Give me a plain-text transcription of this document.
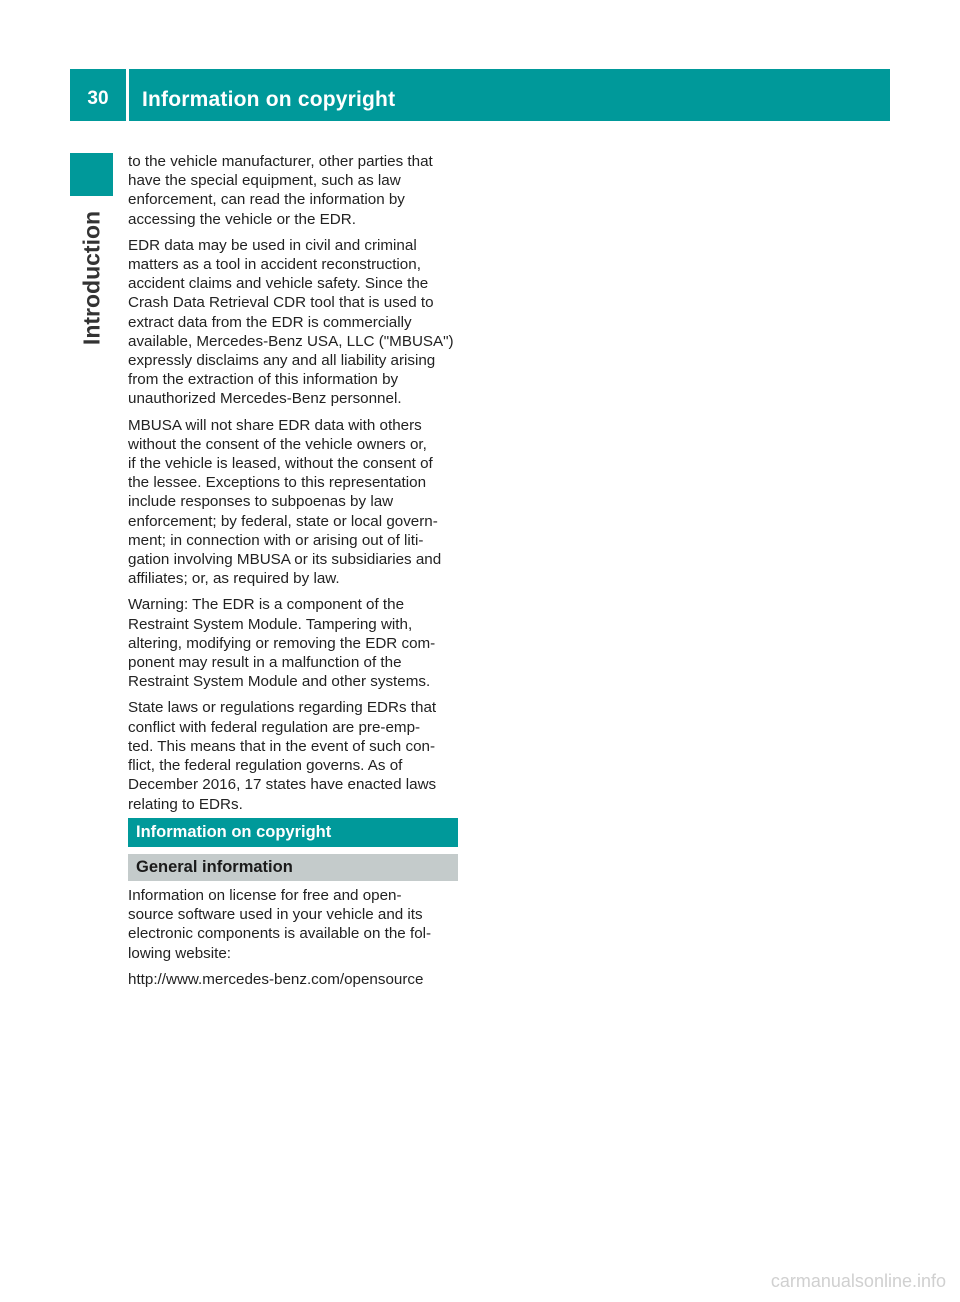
30	Information on copyright
Introduction

to the vehicle manufacturer, other parties that
have the special equipment, such as law
enforcement, can read the information by
accessing the vehicle or the EDR.

EDR data may be used in civil and criminal
matters as a tool in accident reconstruction,
accident claims and vehicle safety. Since the
Crash Data Retrieval CDR tool that is used to
extract data from the EDR is commercially
available, Mercedes-Benz USA, LLC ("MBUSA")
expressly disclaims any and all liability arising
from the extraction of this information by
unauthorized Mercedes-Benz personnel.

MBUSA will not share EDR data with others
without the consent of the vehicle owners or,
if the vehicle is leased, without the consent of
the lessee. Exceptions to this representation
include responses to subpoenas by law
enforcement; by federal, state or local govern-
ment; in connection with or arising out of liti-
gation involving MBUSA or its subsidiaries and
affiliates; or, as required by law.

Warning: The EDR is a component of the
Restraint System Module. Tampering with,
altering, modifying or removing the EDR com-
ponent may result in a malfunction of the
Restraint System Module and other systems.

State laws or regulations regarding EDRs that
conflict with federal regulation are pre-emp-
ted. This means that in the event of such con-
flict, the federal regulation governs. As of
December 2016, 17 states have enacted laws
relating to EDRs.

Information on copyright
General information

Information on license for free and open-
source software used in your vehicle and its
electronic components is available on the fol-
lowing website:

http://www.mercedes-benz.com/opensource

carmanualsonline.info
